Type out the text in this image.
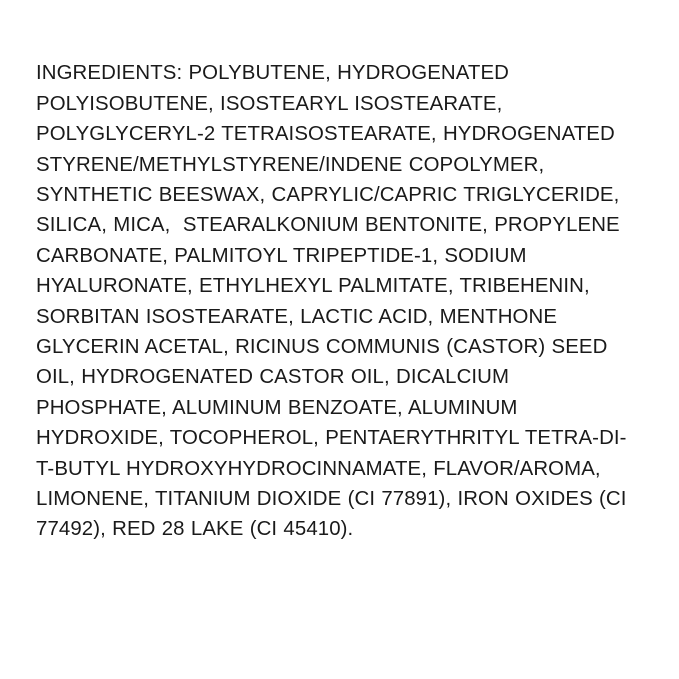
INGREDIENTS: POLYBUTENE, HYDROGENATED POLYISOBUTENE, ISOSTEARYL ISOSTEARATE, POLYGLYCERYL-2 TETRAISOSTEARATE, HYDROGENATED STYRENE/METHYLSTYRENE/INDENE COPOLYMER, SYNTHETIC BEESWAX, CAPRYLIC/CAPRIC TRIGLYCERIDE, SILICA, MICA,  STEARALKONIUM BENTONITE, PROPYLENE CARBONATE, PALMITOYL TRIPEPTIDE-1, SODIUM HYALURONATE, ETHYLHEXYL PALMITATE, TRIBEHENIN, SORBITAN ISOSTEARATE, LACTIC ACID, MENTHONE GLYCERIN ACETAL, RICINUS COMMUNIS (CASTOR) SEED OIL, HYDROGENATED CASTOR OIL, DICALCIUM PHOSPHATE, ALUMINUM BENZOATE, ALUMINUM HYDROXIDE, TOCOPHEROL, PENTAERYTHRITYL TETRA-DI-T-BUTYL HYDROXYHYDROCINNAMATE, FLAVOR/AROMA, LIMONENE, TITANIUM DIOXIDE (CI 77891), IRON OXIDES (CI 77492), RED 28 LAKE (CI 45410).
